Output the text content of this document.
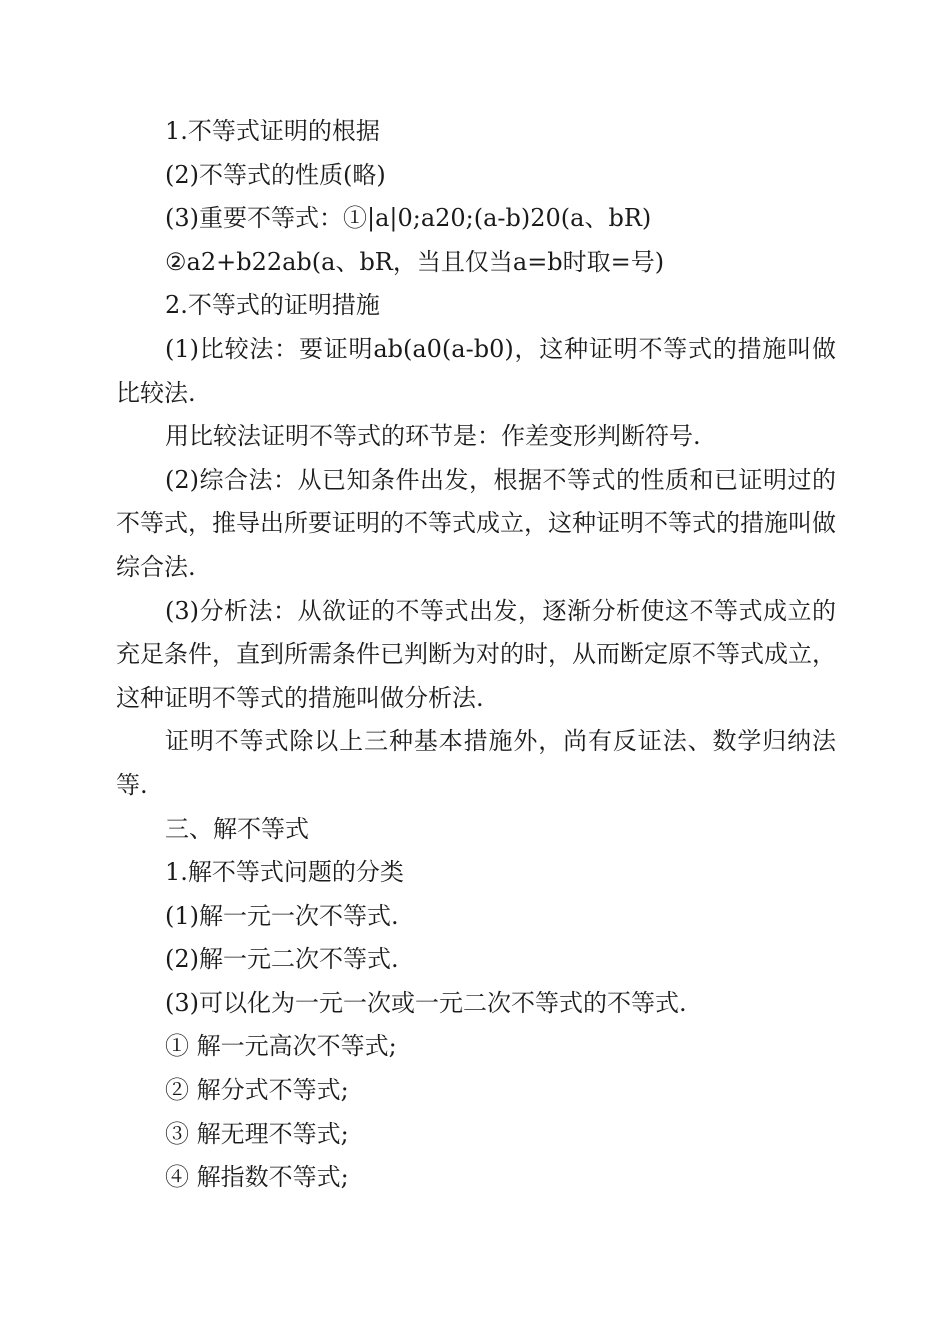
1.不等式证明的根据

(2)不等式的性质(略)

(3)重要不等式：①|a|0;a20;(a-b)20(a、bR)

②a2+b22ab(a、bR，当且仅当a=b时取=号)

2.不等式的证明措施

(1)比较法：要证明ab(a0(a-b0)，这种证明不等式的措施叫做比较法.

用比较法证明不等式的环节是：作差变形判断符号.

(2)综合法：从已知条件出发，根据不等式的性质和已证明过的不等式，推导出所要证明的不等式成立，这种证明不等式的措施叫做综合法.

(3)分析法：从欲证的不等式出发，逐渐分析使这不等式成立的充足条件，直到所需条件已判断为对的时，从而断定原不等式成立，这种证明不等式的措施叫做分析法.

证明不等式除以上三种基本措施外，尚有反证法、数学归纳法等.

三、解不等式

1.解不等式问题的分类

(1)解一元一次不等式.

(2)解一元二次不等式.

(3)可以化为一元一次或一元二次不等式的不等式.

① 解一元高次不等式;

② 解分式不等式;

③ 解无理不等式;

④ 解指数不等式;
